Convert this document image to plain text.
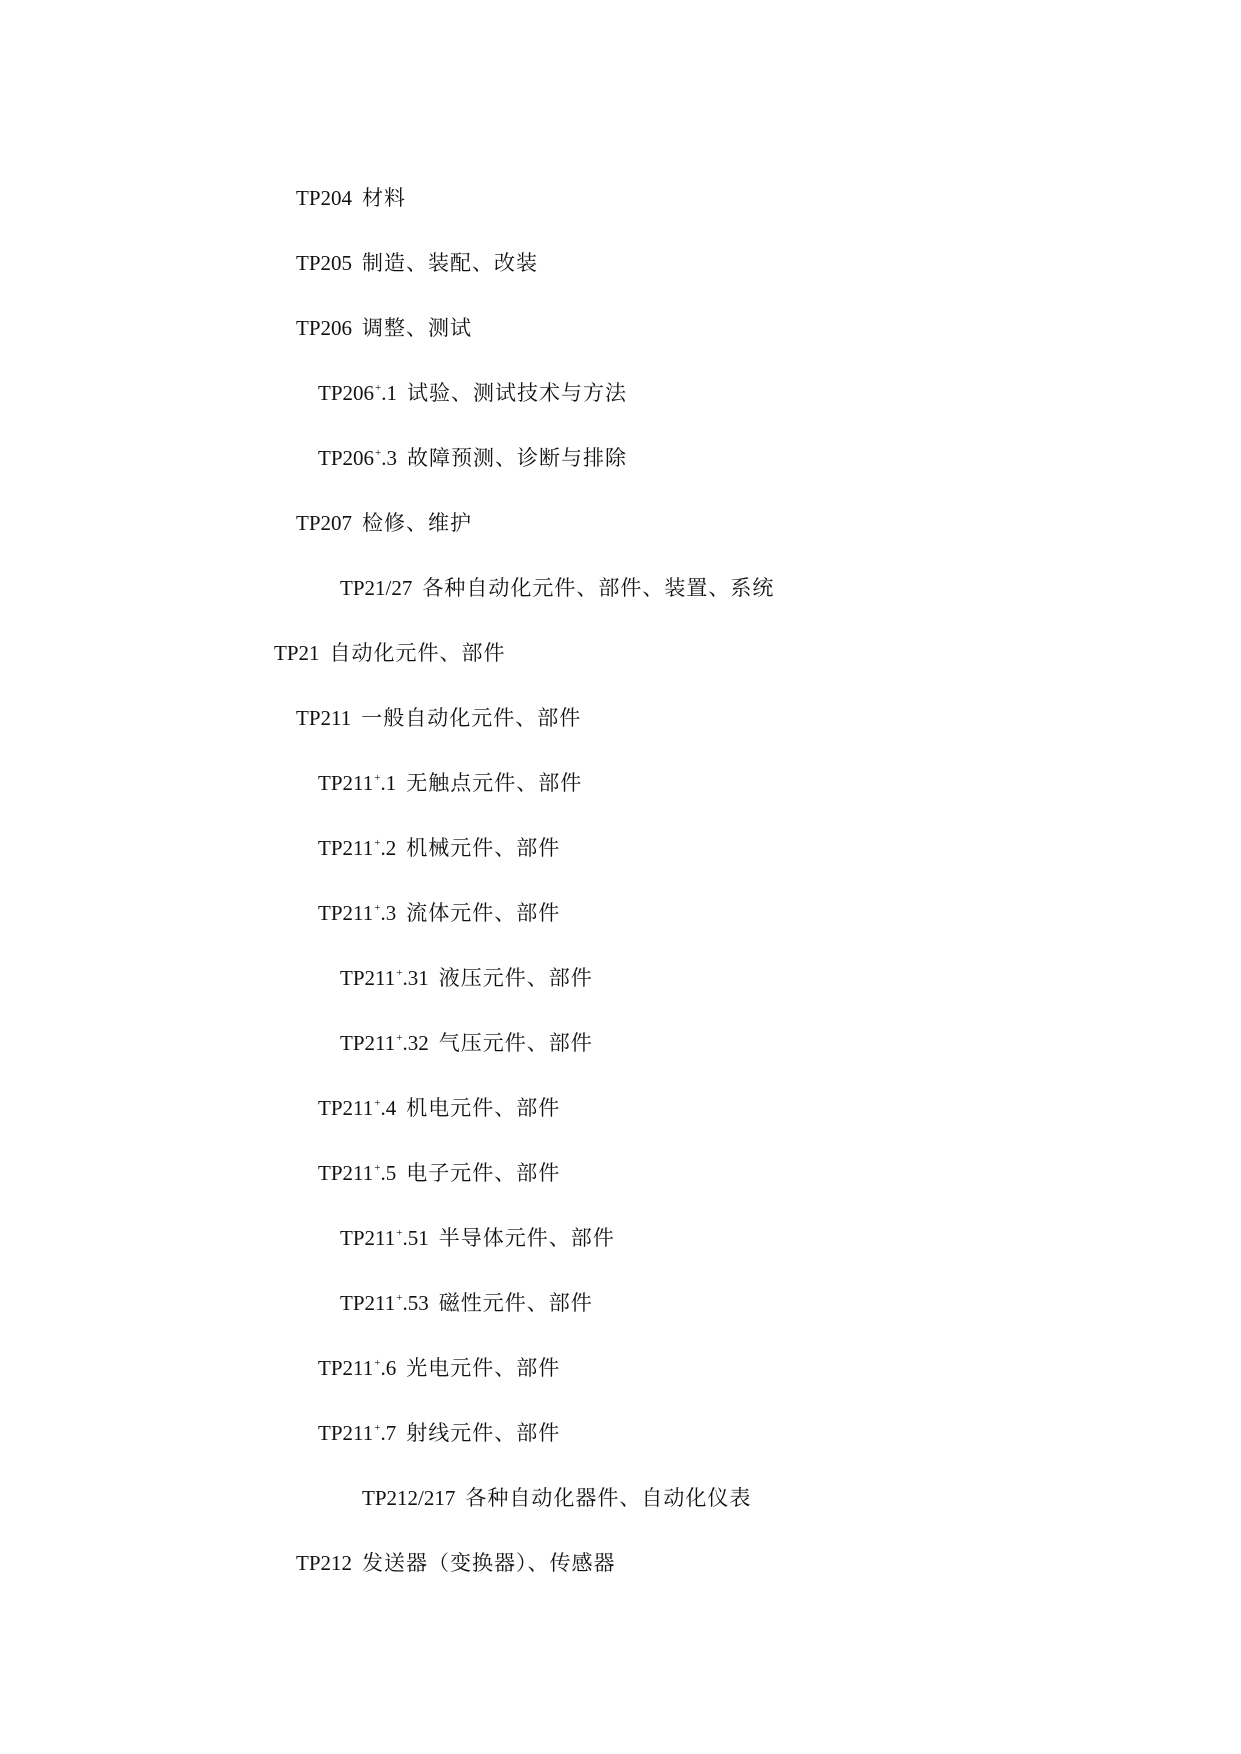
TP204 材料
TP205 制造、装配、改装
TP206 调整、测试
TP206+.1 试验、测试技术与方法
TP206+.3 故障预测、诊断与排除
TP207 检修、维护
TP21/27 各种自动化元件、部件、装置、系统
TP21 自动化元件、部件
TP211 一般自动化元件、部件
TP211+.1 无触点元件、部件
TP211+.2 机械元件、部件
TP211+.3 流体元件、部件
TP211+.31 液压元件、部件
TP211+.32 气压元件、部件
TP211+.4 机电元件、部件
TP211+.5 电子元件、部件
TP211+.51 半导体元件、部件
TP211+.53 磁性元件、部件
TP211+.6 光电元件、部件
TP211+.7 射线元件、部件
TP212/217 各种自动化器件、自动化仪表
TP212 发送器（变换器）、传感器
